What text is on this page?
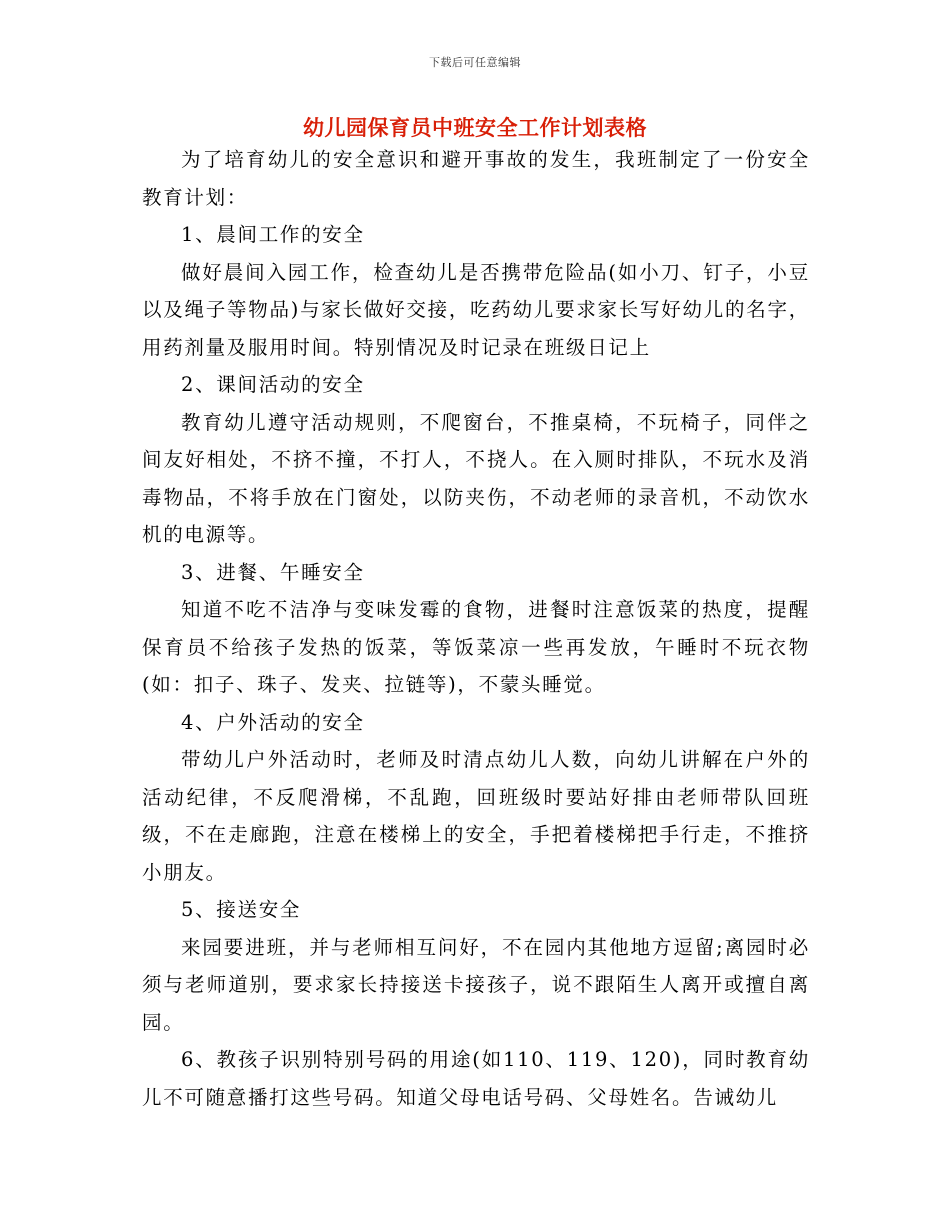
下载后可任意编辑
幼儿园保育员中班安全工作计划表格

为了培育幼儿的安全意识和避开事故的发生，我班制定了一份安全教育计划：

1、晨间工作的安全

做好晨间入园工作，检查幼儿是否携带危险品(如小刀、钉子，小豆以及绳子等物品)与家长做好交接，吃药幼儿要求家长写好幼儿的名字，用药剂量及服用时间。特别情况及时记录在班级日记上

2、课间活动的安全

教育幼儿遵守活动规则，不爬窗台，不推桌椅，不玩椅子，同伴之间友好相处，不挤不撞，不打人，不挠人。在入厕时排队，不玩水及消毒物品，不将手放在门窗处，以防夹伤，不动老师的录音机，不动饮水机的电源等。

3、进餐、午睡安全

知道不吃不洁净与变味发霉的食物，进餐时注意饭菜的热度，提醒保育员不给孩子发热的饭菜，等饭菜凉一些再发放，午睡时不玩衣物(如：扣子、珠子、发夹、拉链等)，不蒙头睡觉。

4、户外活动的安全

带幼儿户外活动时，老师及时清点幼儿人数，向幼儿讲解在户外的活动纪律，不反爬滑梯，不乱跑，回班级时要站好排由老师带队回班级，不在走廊跑，注意在楼梯上的安全，手把着楼梯把手行走，不推挤小朋友。

5、接送安全

来园要进班，并与老师相互问好，不在园内其他地方逗留;离园时必须与老师道别，要求家长持接送卡接孩子，说不跟陌生人离开或擅自离园。

6、教孩子识别特别号码的用途(如110、119、120)，同时教育幼儿不可随意播打这些号码。知道父母电话号码、父母姓名。告诫幼儿
